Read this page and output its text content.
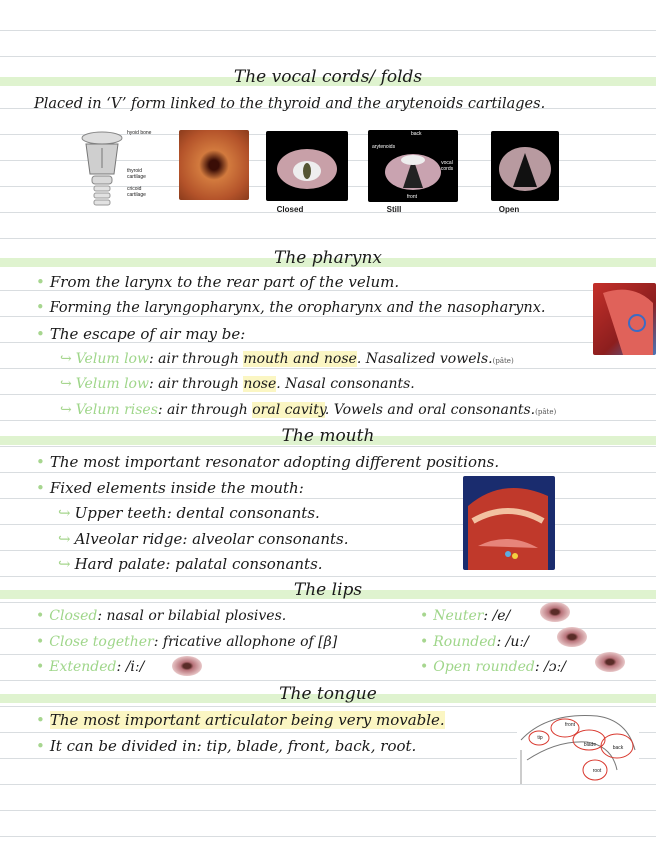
The vocal cords/ folds
Placed in ‘V’ form linked to the thyroid and the arytenoids cartilages.
hyoid bone
thyroid cartilage
cricoid cartilage
back
arytenoids
vocal cords
front
Closed	Still	Open
The pharynx
• From the larynx to the rear part of the velum.
• Forming the laryngopharynx, the oropharynx and the nasopharynx.
• The escape of air may be:
↪ Velum low: air through mouth and nose. Nasalized vowels.(pâte)
↪ Velum low: air through nose. Nasal consonants.
↪ Velum rises: air through oral cavity. Vowels and oral consonants.(pâte)
The mouth
• The most important resonator adopting different positions.
• Fixed elements inside the mouth:
↪ Upper teeth: dental consonants.
↪ Alveolar ridge: alveolar consonants.
↪ Hard palate: palatal consonants.
The lips
• Closed: nasal or bilabial plosives.
• Close together: fricative allophone of [β]
• Extended: /iː/
• Neuter: /e/
• Rounded: /uː/
• Open rounded: /ɔː/
The tongue
• The most important articulator being very movable.
• It can be divided in: tip, blade, front, back, root.
front
back
tip
blade
root
